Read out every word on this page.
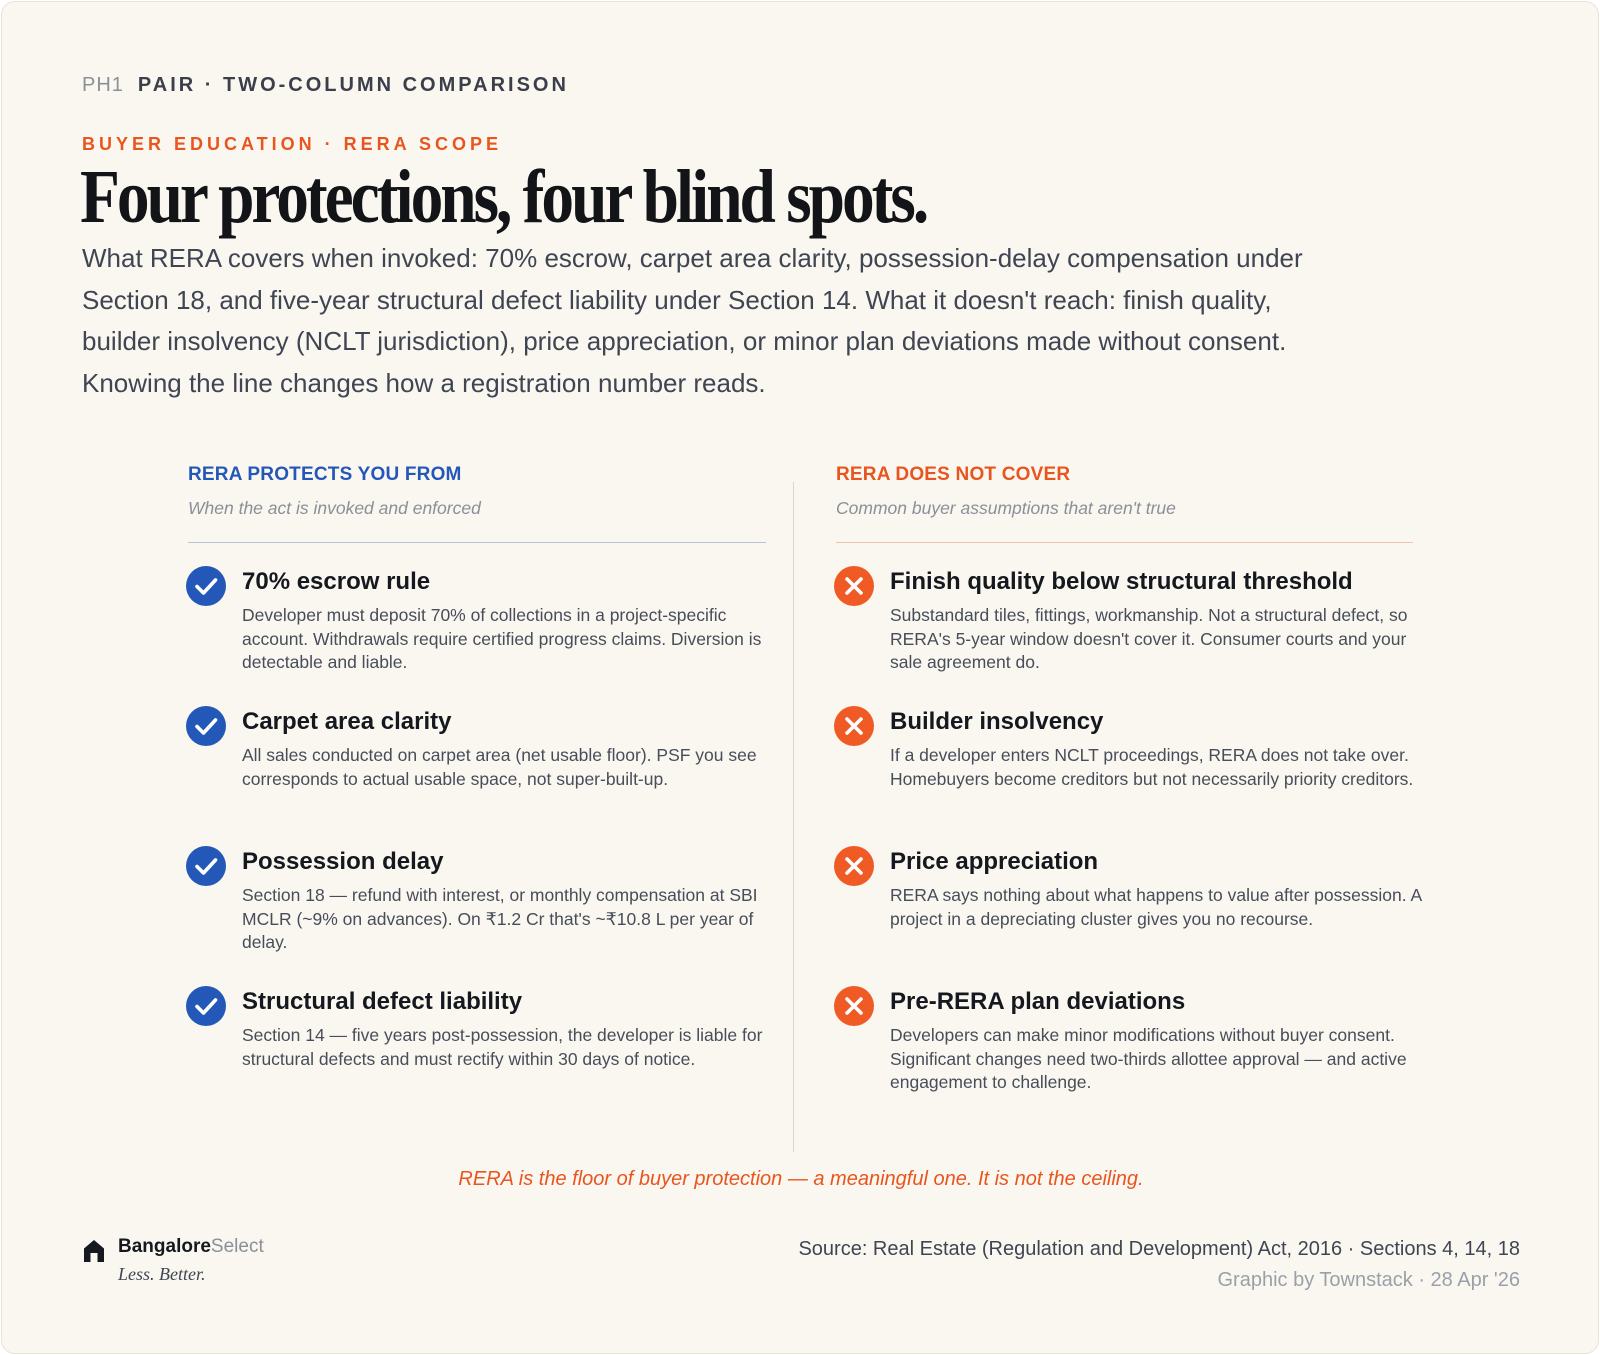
PH1 PAIR · TWO-COLUMN COMPARISON
BUYER EDUCATION · RERA SCOPE
Four protections, four blind spots.

What RERA covers when invoked: 70% escrow, carpet area clarity, possession-delay compensation under Section 18, and five-year structural defect liability under Section 14. What it doesn't reach: finish quality, builder insolvency (NCLT jurisdiction), price appreciation, or minor plan deviations made without consent. Knowing the line changes how a registration number reads.

RERA PROTECTS YOU FROM
When the act is invoked and enforced
70% escrow rule
Developer must deposit 70% of collections in a project-specific account. Withdrawals require certified progress claims. Diversion is detectable and liable.
Carpet area clarity
All sales conducted on carpet area (net usable floor). PSF you see corresponds to actual usable space, not super-built-up.
Possession delay
Section 18 — refund with interest, or monthly compensation at SBI MCLR (~9% on advances). On ₹1.2 Cr that's ~₹10.8 L per year of delay.
Structural defect liability
Section 14 — five years post-possession, the developer is liable for structural defects and must rectify within 30 days of notice.
RERA DOES NOT COVER
Common buyer assumptions that aren't true
Finish quality below structural threshold
Substandard tiles, fittings, workmanship. Not a structural defect, so RERA's 5-year window doesn't cover it. Consumer courts and your sale agreement do.
Builder insolvency
If a developer enters NCLT proceedings, RERA does not take over. Homebuyers become creditors but not necessarily priority creditors.
Price appreciation
RERA says nothing about what happens to value after possession. A project in a depreciating cluster gives you no recourse.
Pre-RERA plan deviations
Developers can make minor modifications without buyer consent. Significant changes need two-thirds allottee approval — and active engagement to challenge.
RERA is the floor of buyer protection — a meaningful one. It is not the ceiling.
BangaloreSelect
Less. Better.
Source: Real Estate (Regulation and Development) Act, 2016 · Sections 4, 14, 18
Graphic by Townstack · 28 Apr '26
